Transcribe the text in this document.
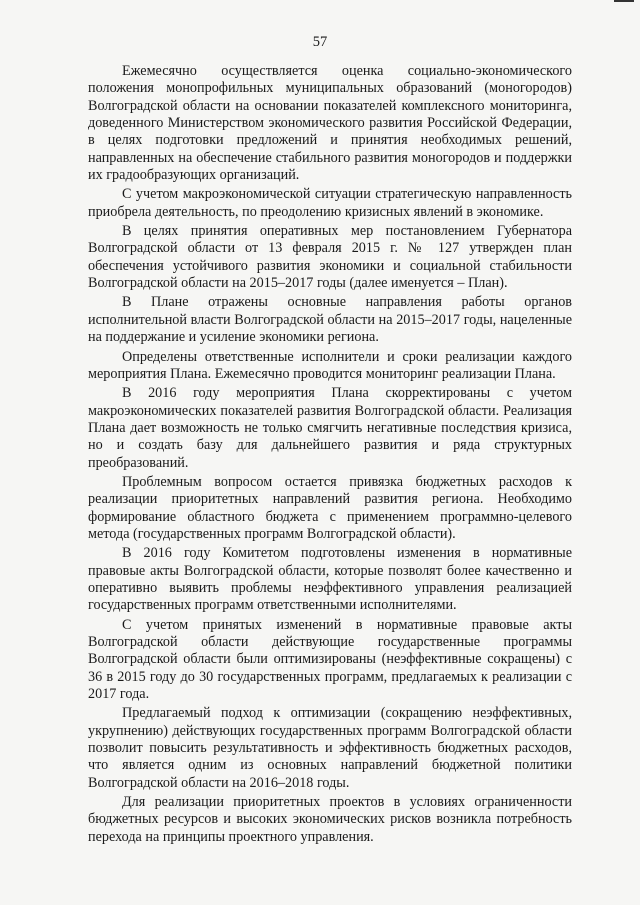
57

Ежемесячно осуществляется оценка социально-экономического положения монопрофильных муниципальных образований (моногородов) Волгоградской области на основании показателей комплексного мониторинга, доведенного Министерством экономического развития Российской Федерации, в целях подготовки предложений и принятия необходимых решений, направленных на обеспечение стабильного развития моногородов и поддержки их градообразующих организаций.

С учетом макроэкономической ситуации стратегическую направленность приобрела деятельность, по преодолению кризисных явлений в экономике.

В целях принятия оперативных мер постановлением Губернатора Волгоградской области от 13 февраля 2015 г. № 127 утвержден план обеспечения устойчивого развития экономики и социальной стабильности Волгоградской области на 2015–2017 годы (далее именуется – План).

В Плане отражены основные направления работы органов исполнительной власти Волгоградской области на 2015–2017 годы, нацеленные на поддержание и усиление экономики региона.

Определены ответственные исполнители и сроки реализации каждого мероприятия Плана. Ежемесячно проводится мониторинг реализации Плана.

В 2016 году мероприятия Плана скорректированы с учетом макроэкономических показателей развития Волгоградской области. Реализация Плана дает возможность не только смягчить негативные последствия кризиса, но и создать базу для дальнейшего развития и ряда структурных преобразований.

Проблемным вопросом остается привязка бюджетных расходов к реализации приоритетных направлений развития региона. Необходимо формирование областного бюджета с применением программно-целевого метода (государственных программ Волгоградской области).

В 2016 году Комитетом подготовлены изменения в нормативные правовые акты Волгоградской области, которые позволят более качественно и оперативно выявить проблемы неэффективного управления реализацией государственных программ ответственными исполнителями.

С учетом принятых изменений в нормативные правовые акты Волгоградской области действующие государственные программы Волгоградской области были оптимизированы (неэффективные сокращены) с 36 в 2015 году до 30 государственных программ, предлагаемых к реализации с 2017 года.

Предлагаемый подход к оптимизации (сокращению неэффективных, укрупнению) действующих государственных программ Волгоградской области позволит повысить результативность и эффективность бюджетных расходов, что является одним из основных направлений бюджетной политики Волгоградской области на 2016–2018 годы.

Для реализации приоритетных проектов в условиях ограниченности бюджетных ресурсов и высоких экономических рисков возникла потребность перехода на принципы проектного управления.
